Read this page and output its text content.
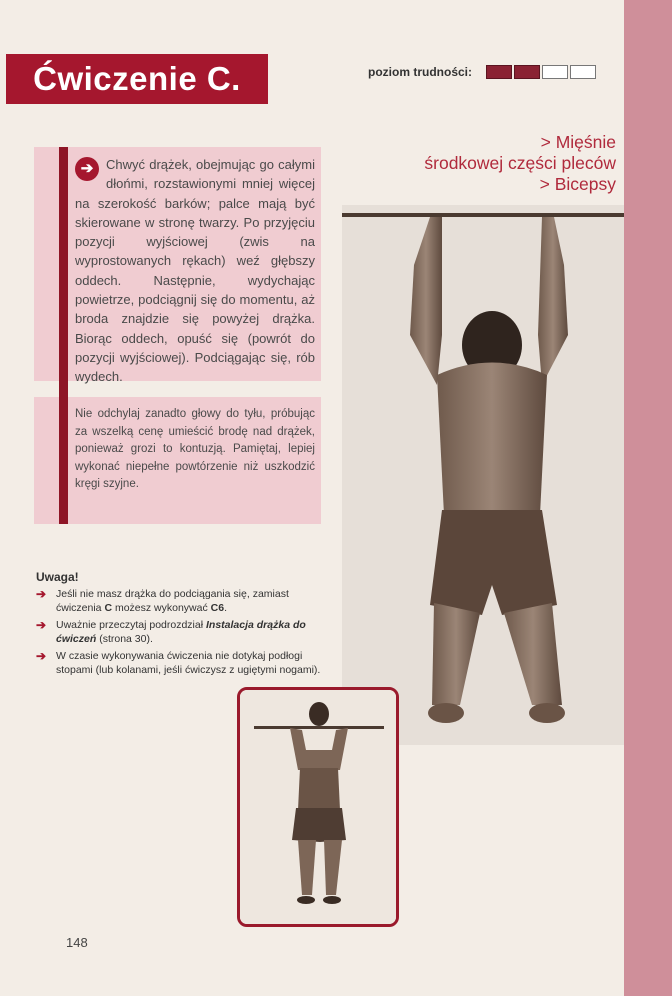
Ćwiczenie C.	poziom trudności:
> Mięśnie
środkowej części pleców
> Bicepsy
➔ Chwyć drążek, obejmując go całymi dłońmi, rozstawionymi mniej więcej na szerokość barków; palce mają być skierowane w stronę twarzy. Po przyjęciu pozycji wyjściowej (zwis na wyprostowanych rękach) weź głębszy oddech. Następnie, wydychając powietrze, podciągnij się do momentu, aż broda znajdzie się powyżej drążka. Biorąc oddech, opuść się (powrót do pozycji wyjściowej). Podciągając się, rób wydech.
Nie odchylaj zanadto głowy do tyłu, próbując za wszelką cenę umieścić brodę nad drążek, ponieważ grozi to kontuzją. Pamiętaj, lepiej wykonać niepełne powtórzenie niż uszkodzić kręgi szyjne.
Uwaga!
➔ Jeśli nie masz drążka do podciągania się, zamiast ćwiczenia C możesz wykonywać C6.
➔ Uważnie przeczytaj podrozdział Instalacja drążka do ćwiczeń (strona 30).
➔ W czasie wykonywania ćwiczenia nie dotykaj podłogi stopami (lub kolanami, jeśli ćwiczysz z ugiętymi nogami).
148
